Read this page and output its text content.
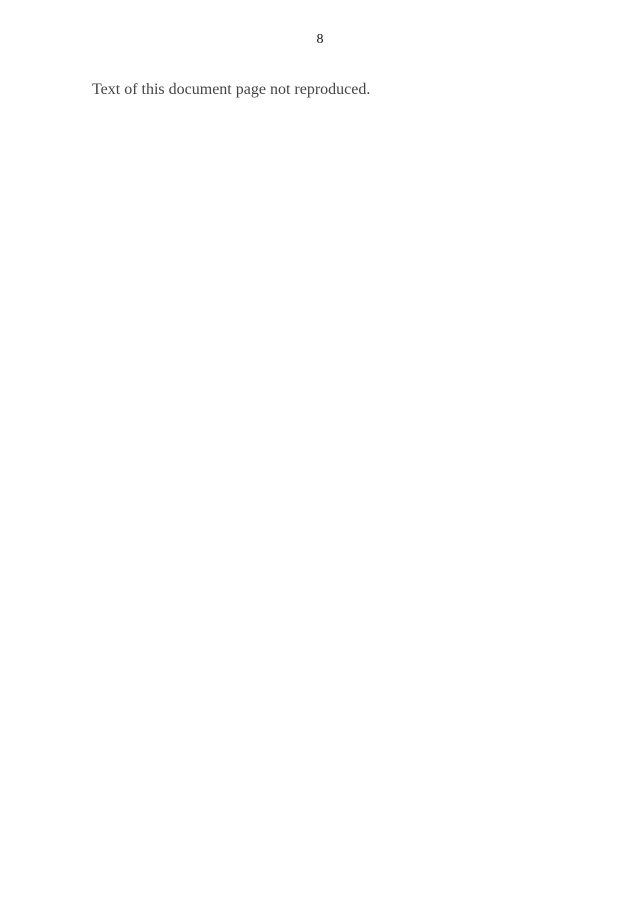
8
Text of this document page not reproduced.
